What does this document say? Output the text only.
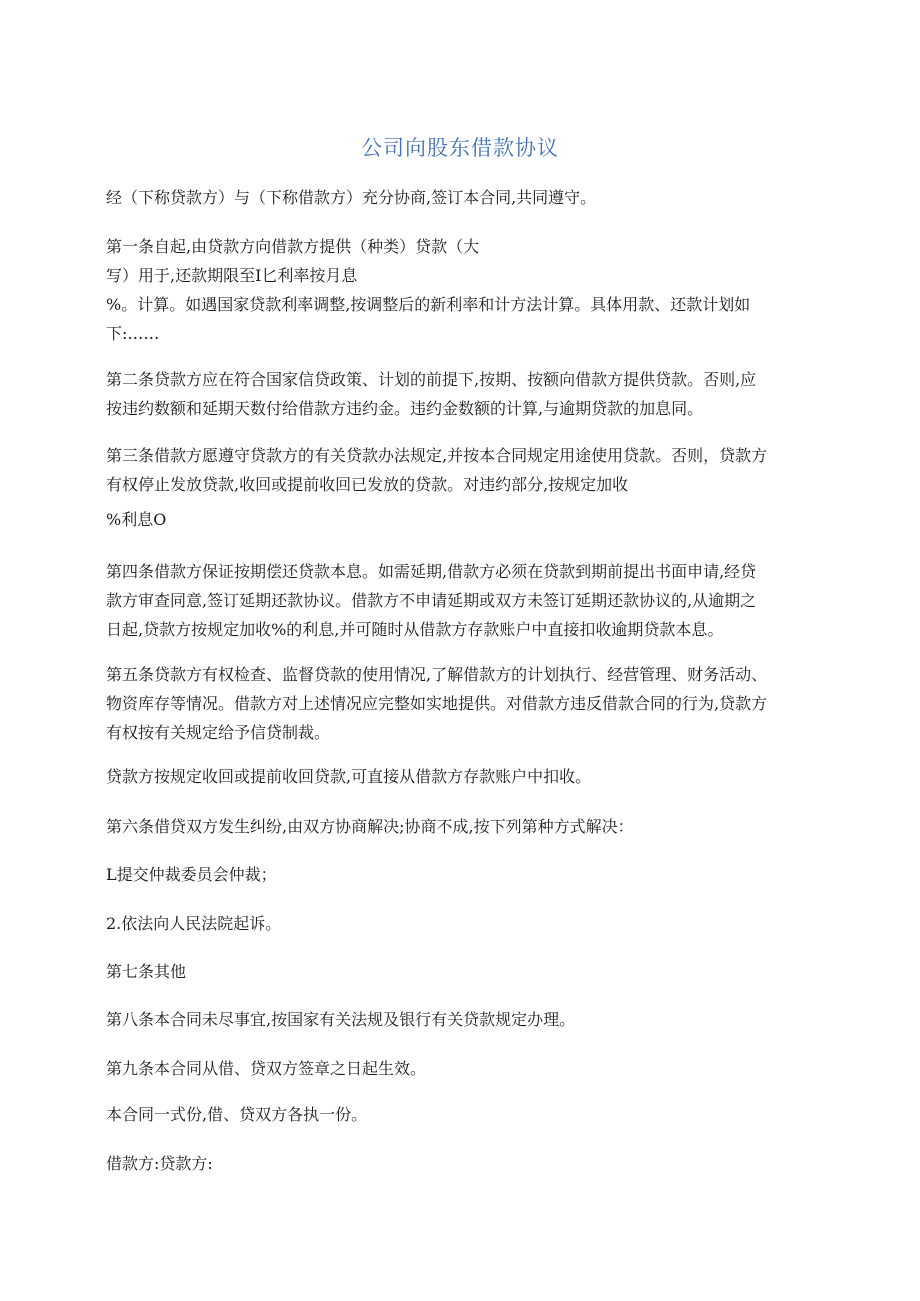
公司向股东借款协议

经（下称贷款方）与（下称借款方）充分协商,签订本合同,共同遵守。

第一条自起,由贷款方向借款方提供（种类）贷款（大
写）用于,还款期限至I匕利率按月息
%。计算。如遇国家贷款利率调整,按调整后的新利率和计方法计算。具体用款、还款计划如
下:……

第二条贷款方应在符合国家信贷政策、计划的前提下,按期、按额向借款方提供贷款。否则,应
按违约数额和延期天数付给借款方违约金。违约金数额的计算,与逾期贷款的加息同。

第三条借款方愿遵守贷款方的有关贷款办法规定,并按本合同规定用途使用贷款。否则，贷款方
有权停止发放贷款,收回或提前收回已发放的贷款。对违约部分,按规定加收

%利息O

第四条借款方保证按期偿还贷款本息。如需延期,借款方必须在贷款到期前提出书面申请,经贷
款方审查同意,签订延期还款协议。借款方不申请延期或双方未签订延期还款协议的,从逾期之
日起,贷款方按规定加收%的利息,并可随时从借款方存款账户中直接扣收逾期贷款本息。

第五条贷款方有权检查、监督贷款的使用情况,了解借款方的计划执行、经营管理、财务活动、
物资库存等情况。借款方对上述情况应完整如实地提供。对借款方违反借款合同的行为,贷款方
有权按有关规定给予信贷制裁。

贷款方按规定收回或提前收回贷款,可直接从借款方存款账户中扣收。

第六条借贷双方发生纠纷,由双方协商解决;协商不成,按下列第种方式解决：

L提交仲裁委员会仲裁；

2.依法向人民法院起诉。

第七条其他

第八条本合同未尽事宜,按国家有关法规及银行有关贷款规定办理。

第九条本合同从借、贷双方签章之日起生效。

本合同一式份,借、贷双方各执一份。

借款方:贷款方:
